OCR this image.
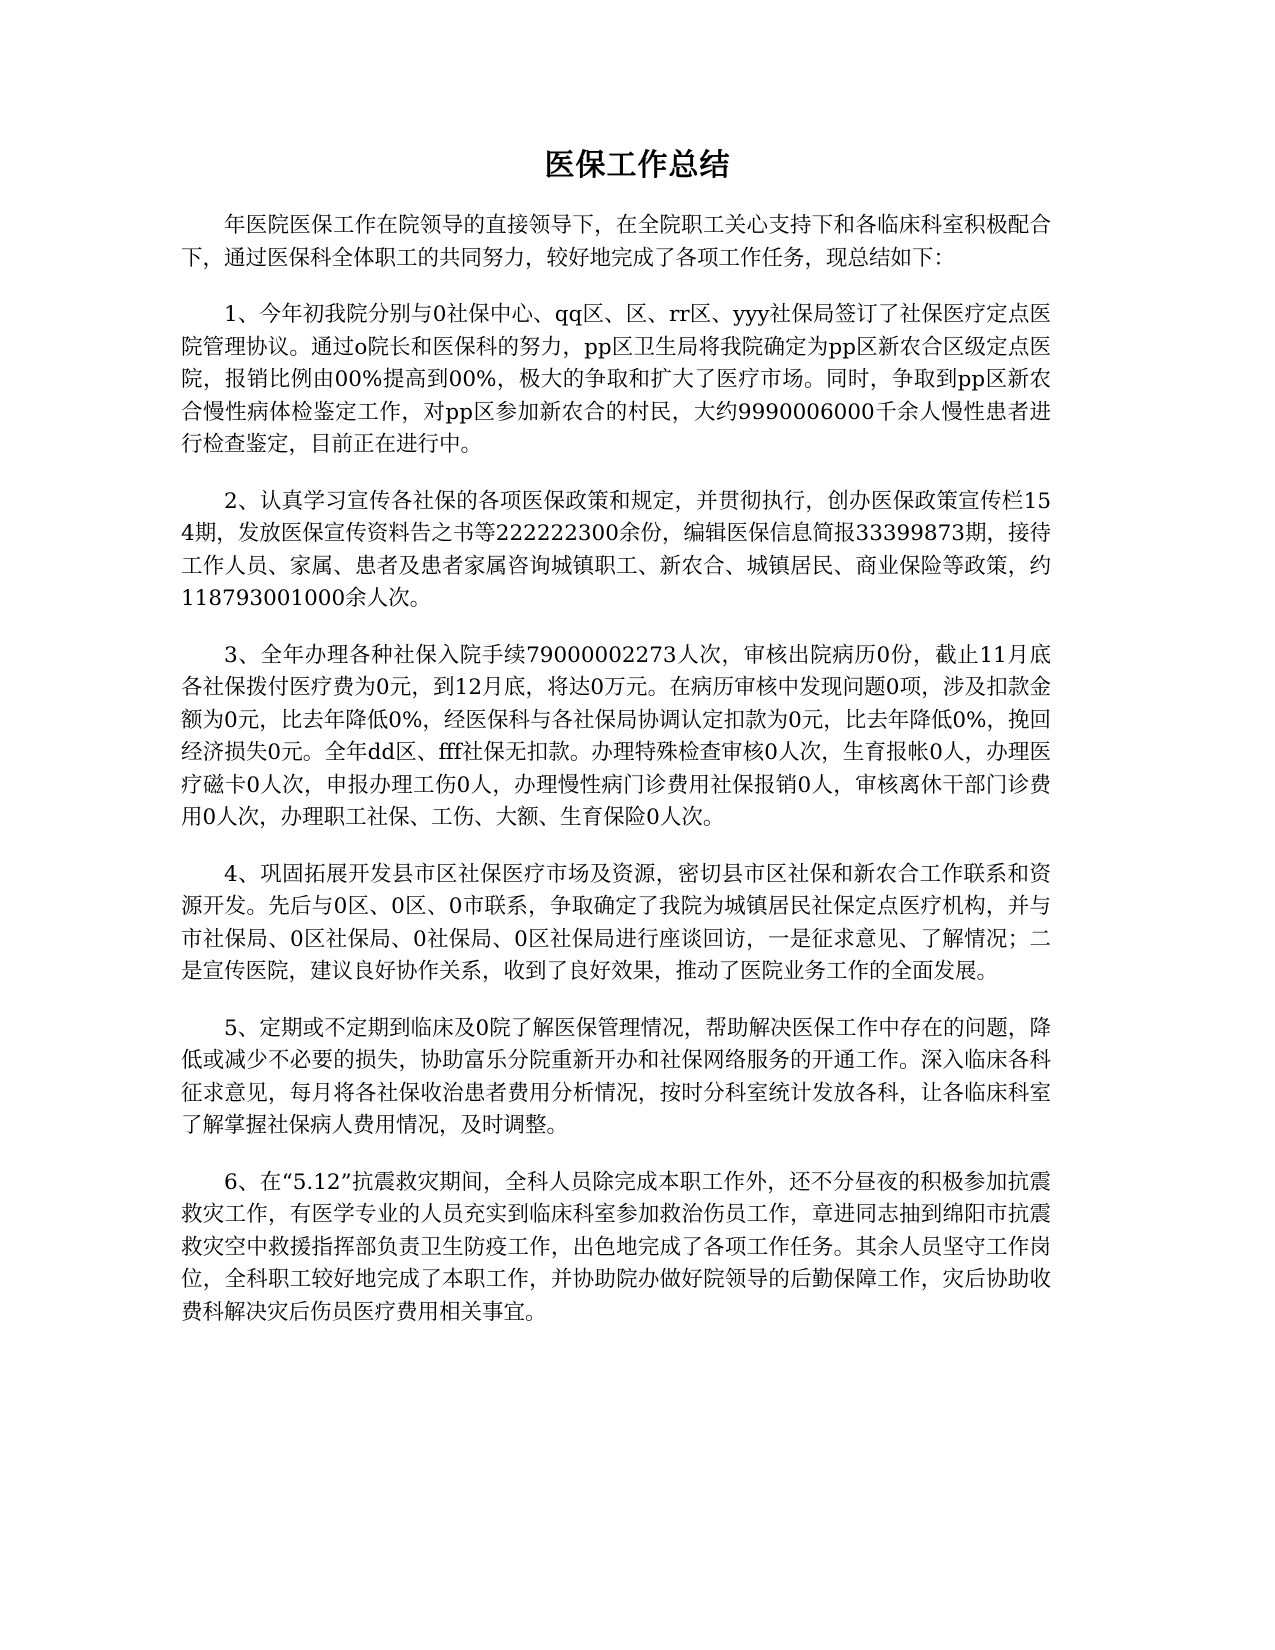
医保工作总结

年医院医保工作在院领导的直接领导下，在全院职工关心支持下和各临床科室积极配合下，通过医保科全体职工的共同努力，较好地完成了各项工作任务，现总结如下：

1、今年初我院分别与0社保中心、qq区、区、rr区、yyy社保局签订了社保医疗定点医院管理协议。通过o院长和医保科的努力，pp区卫生局将我院确定为pp区新农合区级定点医院，报销比例由00%提高到00%，极大的争取和扩大了医疗市场。同时，争取到pp区新农合慢性病体检鉴定工作，对pp区参加新农合的村民，大约9990006000千余人慢性患者进行检查鉴定，目前正在进行中。

2、认真学习宣传各社保的各项医保政策和规定，并贯彻执行，创办医保政策宣传栏154期，发放医保宣传资料告之书等222222300余份，编辑医保信息简报33399873期，接待工作人员、家属、患者及患者家属咨询城镇职工、新农合、城镇居民、商业保险等政策，约118793001000余人次。

3、全年办理各种社保入院手续79000002273人次，审核出院病历0份，截止11月底各社保拨付医疗费为0元，到12月底，将达0万元。在病历审核中发现问题0项，涉及扣款金额为0元，比去年降低0%，经医保科与各社保局协调认定扣款为0元，比去年降低0%，挽回经济损失0元。全年dd区、fff社保无扣款。办理特殊检查审核0人次，生育报帐0人，办理医疗磁卡0人次，申报办理工伤0人，办理慢性病门诊费用社保报销0人，审核离休干部门诊费用0人次，办理职工社保、工伤、大额、生育保险0人次。

4、巩固拓展开发县市区社保医疗市场及资源，密切县市区社保和新农合工作联系和资源开发。先后与0区、0区、0市联系，争取确定了我院为城镇居民社保定点医疗机构，并与市社保局、0区社保局、0社保局、0区社保局进行座谈回访，一是征求意见、了解情况；二是宣传医院，建议良好协作关系，收到了良好效果，推动了医院业务工作的全面发展。

5、定期或不定期到临床及0院了解医保管理情况，帮助解决医保工作中存在的问题，降低或减少不必要的损失，协助富乐分院重新开办和社保网络服务的开通工作。深入临床各科征求意见，每月将各社保收治患者费用分析情况，按时分科室统计发放各科，让各临床科室了解掌握社保病人费用情况，及时调整。

6、在“5.12”抗震救灾期间，全科人员除完成本职工作外，还不分昼夜的积极参加抗震救灾工作，有医学专业的人员充实到临床科室参加救治伤员工作，章进同志抽到绵阳市抗震救灾空中救援指挥部负责卫生防疫工作，出色地完成了各项工作任务。其余人员坚守工作岗位，全科职工较好地完成了本职工作，并协助院办做好院领导的后勤保障工作，灾后协助收费科解决灾后伤员医疗费用相关事宜。
